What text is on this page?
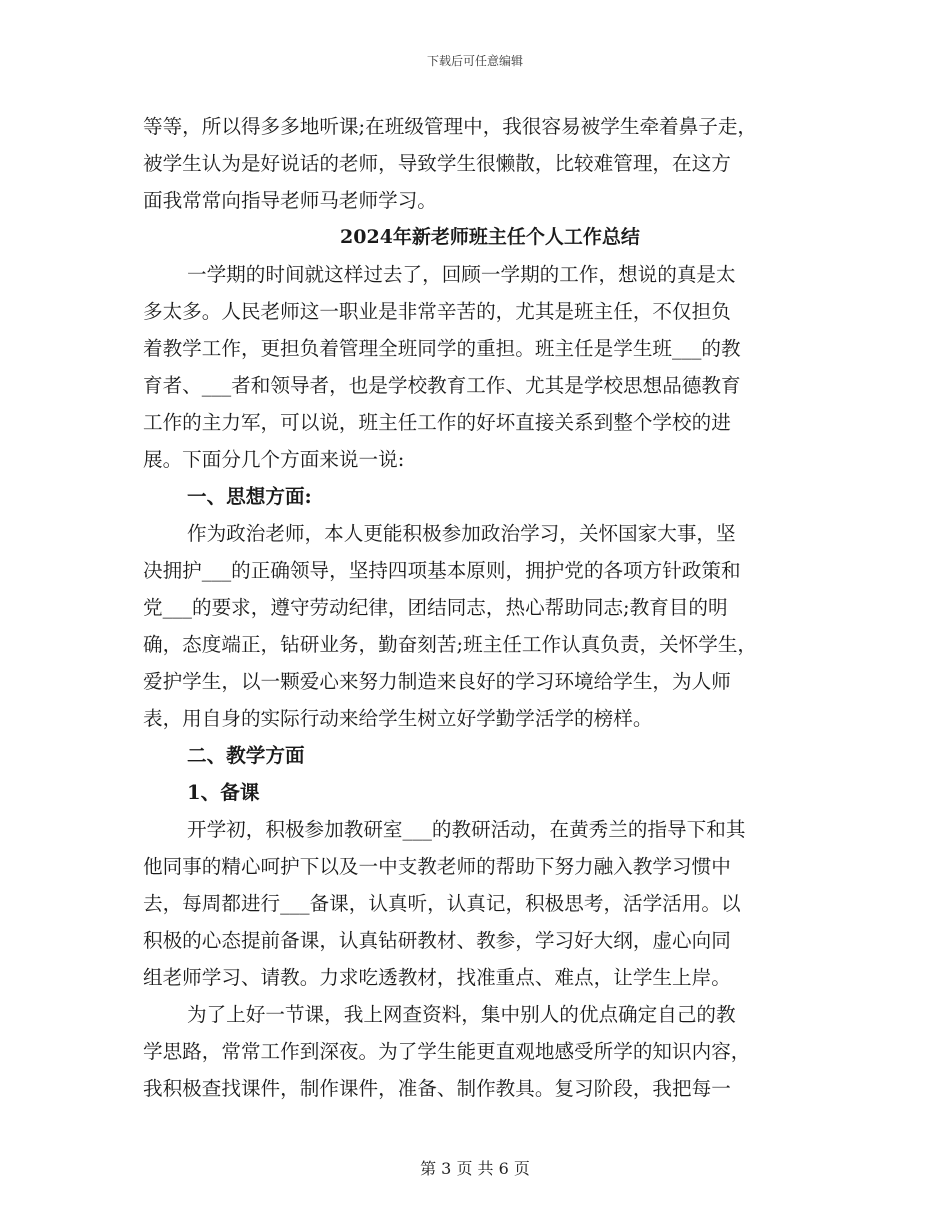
下载后可任意编辑
等等，所以得多多地听课;在班级管理中，我很容易被学生牵着鼻子走，
被学生认为是好说话的老师，导致学生很懒散，比较难管理，在这方
面我常常向指导老师马老师学习。
2024年新老师班主任个人工作总结
一学期的时间就这样过去了，回顾一学期的工作，想说的真是太
多太多。人民老师这一职业是非常辛苦的，尤其是班主任，不仅担负
着教学工作，更担负着管理全班同学的重担。班主任是学生班___的教
育者、___者和领导者，也是学校教育工作、尤其是学校思想品德教育
工作的主力军，可以说，班主任工作的好坏直接关系到整个学校的进
展。下面分几个方面来说一说:
一、思想方面:
作为政治老师，本人更能积极参加政治学习，关怀国家大事，坚
决拥护___的正确领导，坚持四项基本原则，拥护党的各项方针政策和
党___的要求，遵守劳动纪律，团结同志，热心帮助同志;教育目的明
确，态度端正，钻研业务，勤奋刻苦;班主任工作认真负责，关怀学生，
爱护学生，以一颗爱心来努力制造来良好的学习环境给学生，为人师
表，用自身的实际行动来给学生树立好学勤学活学的榜样。
二、教学方面
1、备课
开学初，积极参加教研室___的教研活动，在黄秀兰的指导下和其
他同事的精心呵护下以及一中支教老师的帮助下努力融入教学习惯中
去，每周都进行___备课，认真听，认真记，积极思考，活学活用。以
积极的心态提前备课，认真钻研教材、教参，学习好大纲，虚心向同
组老师学习、请教。力求吃透教材，找准重点、难点，让学生上岸。
为了上好一节课，我上网查资料，集中别人的优点确定自己的教
学思路，常常工作到深夜。为了学生能更直观地感受所学的知识内容，
我积极查找课件，制作课件，准备、制作教具。复习阶段，我把每一
第 3 页 共 6 页
